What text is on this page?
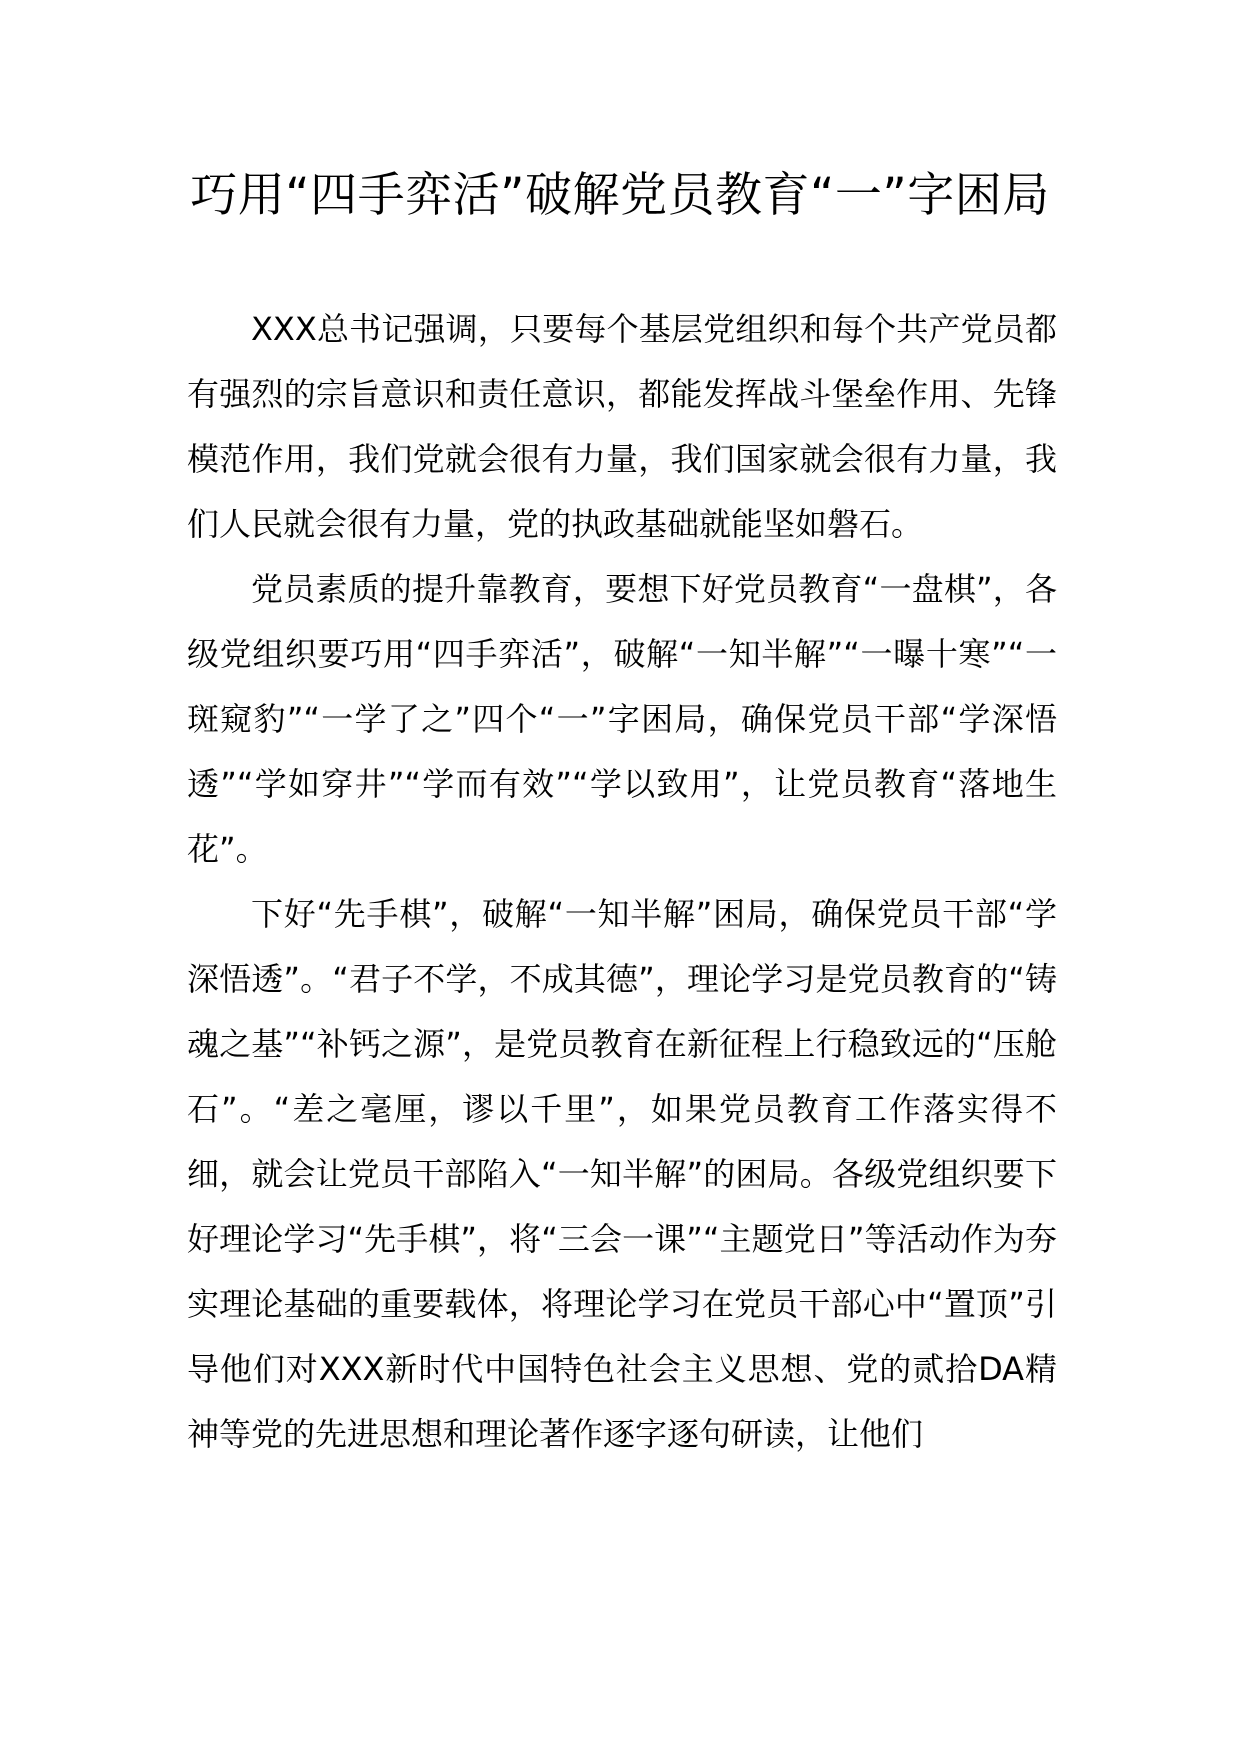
巧用“四手弈活”破解党员教育“一”字困局

XXX总书记强调，只要每个基层党组织和每个共产党员都有强烈的宗旨意识和责任意识，都能发挥战斗堡垒作用、先锋模范作用，我们党就会很有力量，我们国家就会很有力量，我们人民就会很有力量，党的执政基础就能坚如磐石。

党员素质的提升靠教育，要想下好党员教育“一盘棋”，各级党组织要巧用“四手弈活”，破解“一知半解”“一曝十寒”“一斑窥豹”“一学了之”四个“一”字困局，确保党员干部“学深悟透”“学如穿井”“学而有效”“学以致用”，让党员教育“落地生花”。

下好“先手棋”，破解“一知半解”困局，确保党员干部“学深悟透”。“君子不学，不成其德”，理论学习是党员教育的“铸魂之基”“补钙之源”，是党员教育在新征程上行稳致远的“压舱石”。“差之毫厘，谬以千里”，如果党员教育工作落实得不细，就会让党员干部陷入“一知半解”的困局。各级党组织要下好理论学习“先手棋”，将“三会一课”“主题党日”等活动作为夯实理论基础的重要载体，将理论学习在党员干部心中“置顶”引导他们对XXX新时代中国特色社会主义思想、党的贰拾DA精神等党的先进思想和理论著作逐字逐句研读，让他们
